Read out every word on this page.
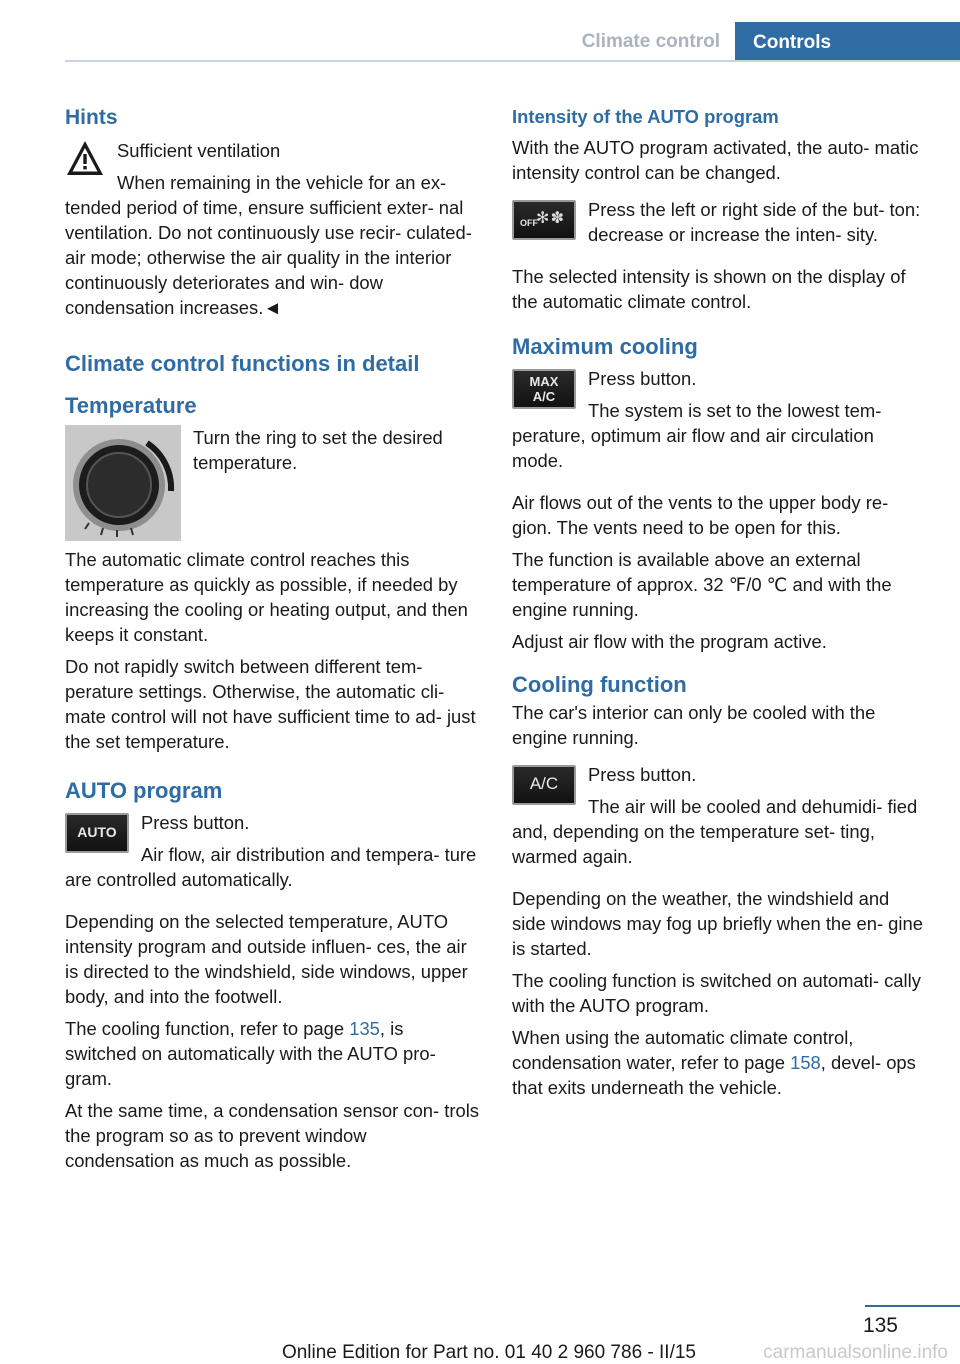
Climate control Controls
Hints

Sufficient ventilation

When remaining in the vehicle for an ex- tended period of time, ensure sufficient exter- nal ventilation. Do not continuously use recir- culated-air mode; otherwise the air quality in the interior continuously deteriorates and win- dow condensation increases.◄

Climate control functions in detail
Temperature

Turn the ring to set the desired temperature.

The automatic climate control reaches this temperature as quickly as possible, if needed by increasing the cooling or heating output, and then keeps it constant.

Do not rapidly switch between different tem- perature settings. Otherwise, the automatic cli- mate control will not have sufficient time to ad- just the set temperature.

AUTO program
AUTO	Press button.

Air flow, air distribution and tempera- ture are controlled automatically.

Depending on the selected temperature, AUTO intensity program and outside influen- ces, the air is directed to the windshield, side windows, upper body, and into the footwell.

The cooling function, refer to page 135, is switched on automatically with the AUTO pro- gram.

At the same time, a condensation sensor con- trols the program so as to prevent window condensation as much as possible.

Intensity of the AUTO program

With the AUTO program activated, the auto- matic intensity control can be changed.

OFF
✻ ✽	Press the left or right side of the but- ton: decrease or increase the inten- sity.

The selected intensity is shown on the display of the automatic climate control.

Maximum cooling
MAX
A/C

Press button.

The system is set to the lowest tem- perature, optimum air flow and air circulation mode.

Air flows out of the vents to the upper body re- gion. The vents need to be open for this.

The function is available above an external temperature of approx. 32 ℉/0 ℃ and with the engine running.

Adjust air flow with the program active.

Cooling function

The car's interior can only be cooled with the engine running.

A/C	Press button.

The air will be cooled and dehumidi- fied and, depending on the temperature set- ting, warmed again.

Depending on the weather, the windshield and side windows may fog up briefly when the en- gine is started.

The cooling function is switched on automati- cally with the AUTO program.

When using the automatic climate control, condensation water, refer to page 158, devel- ops that exits underneath the vehicle.

135
carmanualsonline.info
Online Edition for Part no. 01 40 2 960 786 - II/15
